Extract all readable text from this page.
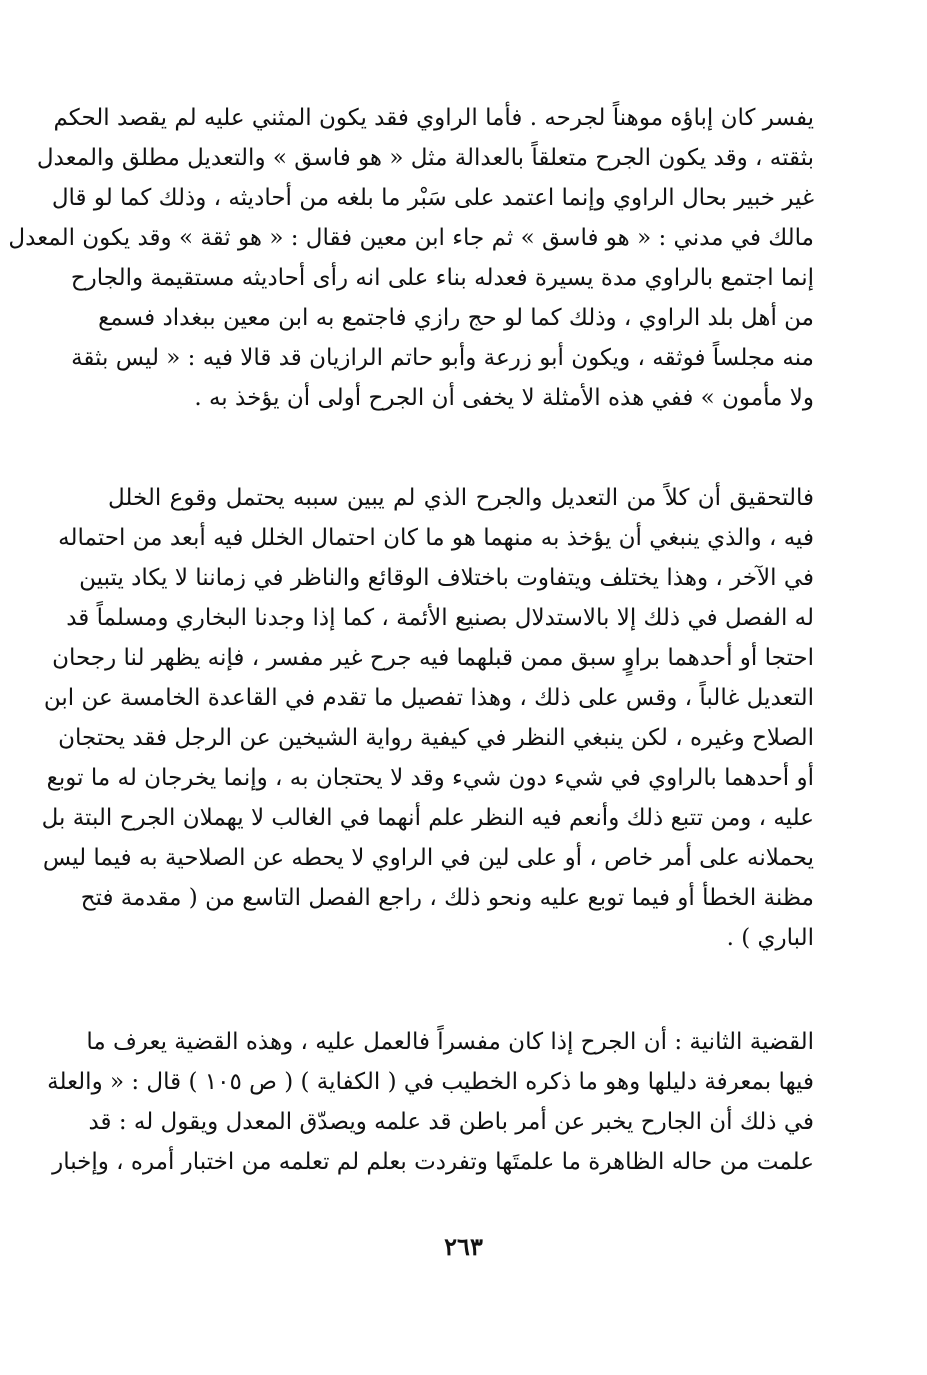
يفسر كان إباؤه موهناً لجرحه . فأما الراوي فقد يكون المثني عليه لم يقصد الحكم
بثقته ، وقد يكون الجرح متعلقاً بالعدالة مثل « هو فاسق » والتعديل مطلق والمعدل
غير خبير بحال الراوي وإنما اعتمد على سَبْر ما بلغه من أحاديثه ، وذلك كما لو قال
مالك في مدني : « هو فاسق » ثم جاء ابن معين فقال : « هو ثقة » وقد يكون المعدل
إنما اجتمع بالراوي مدة يسيرة فعدله بناء على انه رأى أحاديثه مستقيمة والجارح
من أهل بلد الراوي ، وذلك كما لو حج رازي فاجتمع به ابن معين ببغداد فسمع
منه مجلساً فوثقه ، ويكون أبو زرعة وأبو حاتم الرازيان قد قالا فيه : « ليس بثقة
ولا مأمون » ففي هذه الأمثلة لا يخفى أن الجرح أولى أن يؤخذ به .
فالتحقيق أن كلاً من التعديل والجرح الذي لم يبين سببه يحتمل وقوع الخلل
فيه ، والذي ينبغي أن يؤخذ به منهما هو ما كان احتمال الخلل فيه أبعد من احتماله
في الآخر ، وهذا يختلف ويتفاوت باختلاف الوقائع والناظر في زماننا لا يكاد يتبين
له الفصل في ذلك إلا بالاستدلال بصنيع الأئمة ، كما إذا وجدنا البخاري ومسلماً قد
احتجا أو أحدهما براوٍ سبق ممن قبلهما فيه جرح غير مفسر ، فإنه يظهر لنا رجحان
التعديل غالباً ، وقس على ذلك ، وهذا تفصيل ما تقدم في القاعدة الخامسة عن ابن
الصلاح وغيره ، لكن ينبغي النظر في كيفية رواية الشيخين عن الرجل فقد يحتجان
أو أحدهما بالراوي في شيء دون شيء وقد لا يحتجان به ، وإنما يخرجان له ما توبع
عليه ، ومن تتبع ذلك وأنعم فيه النظر علم أنهما في الغالب لا يهملان الجرح البتة بل
يحملانه على أمر خاص ، أو على لين في الراوي لا يحطه عن الصلاحية به فيما ليس
مظنة الخطأ أو فيما توبع عليه ونحو ذلك ، راجع الفصل التاسع من ( مقدمة فتح
الباري ) .
القضية الثانية : أن الجرح إذا كان مفسراً فالعمل عليه ، وهذه القضية يعرف ما
فيها بمعرفة دليلها وهو ما ذكره الخطيب في ( الكفاية ) ( ص ١٠٥ ) قال : « والعلة
في ذلك أن الجارح يخبر عن أمر باطن قد علمه ويصدّق المعدل ويقول له : قد
علمت من حاله الظاهرة ما علمتَها وتفردت بعلم لم تعلمه من اختبار أمره ، وإخبار
٢٦٣
